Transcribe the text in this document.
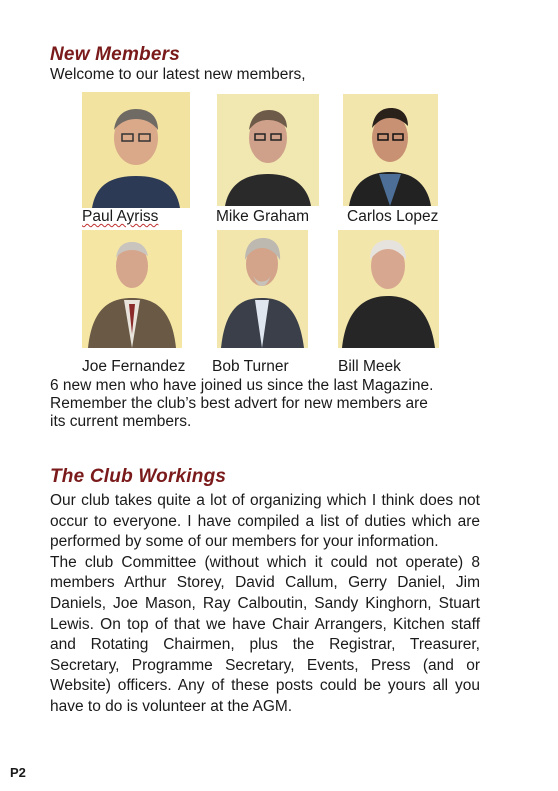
New Members

Welcome to our latest new members,

Paul Ayriss	Mike Graham Carlos Lopez
Joe Fernandez Bob Turner	Bill Meek

6 new men who have joined us since the last Magazine.

Remember the club’s best advert for new members are

its current members.

The Club Workings
Our club takes quite a lot of organizing which I think does not occur to everyone. I have compiled a list of duties which are performed by some of our members for your information.
The club Committee (without which it could not operate) 8 members Arthur Storey, David Callum, Gerry Daniel, Jim Daniels, Joe Mason, Ray Calboutin, Sandy Kinghorn, Stuart Lewis. On top of that we have Chair Arrangers, Kitchen staff and Rotating Chairmen, plus the Registrar, Treasurer, Secretary, Programme Secretary, Events, Press (and or Website) officers. Any of these posts could be yours all you have to do is volunteer at the AGM.
P2
